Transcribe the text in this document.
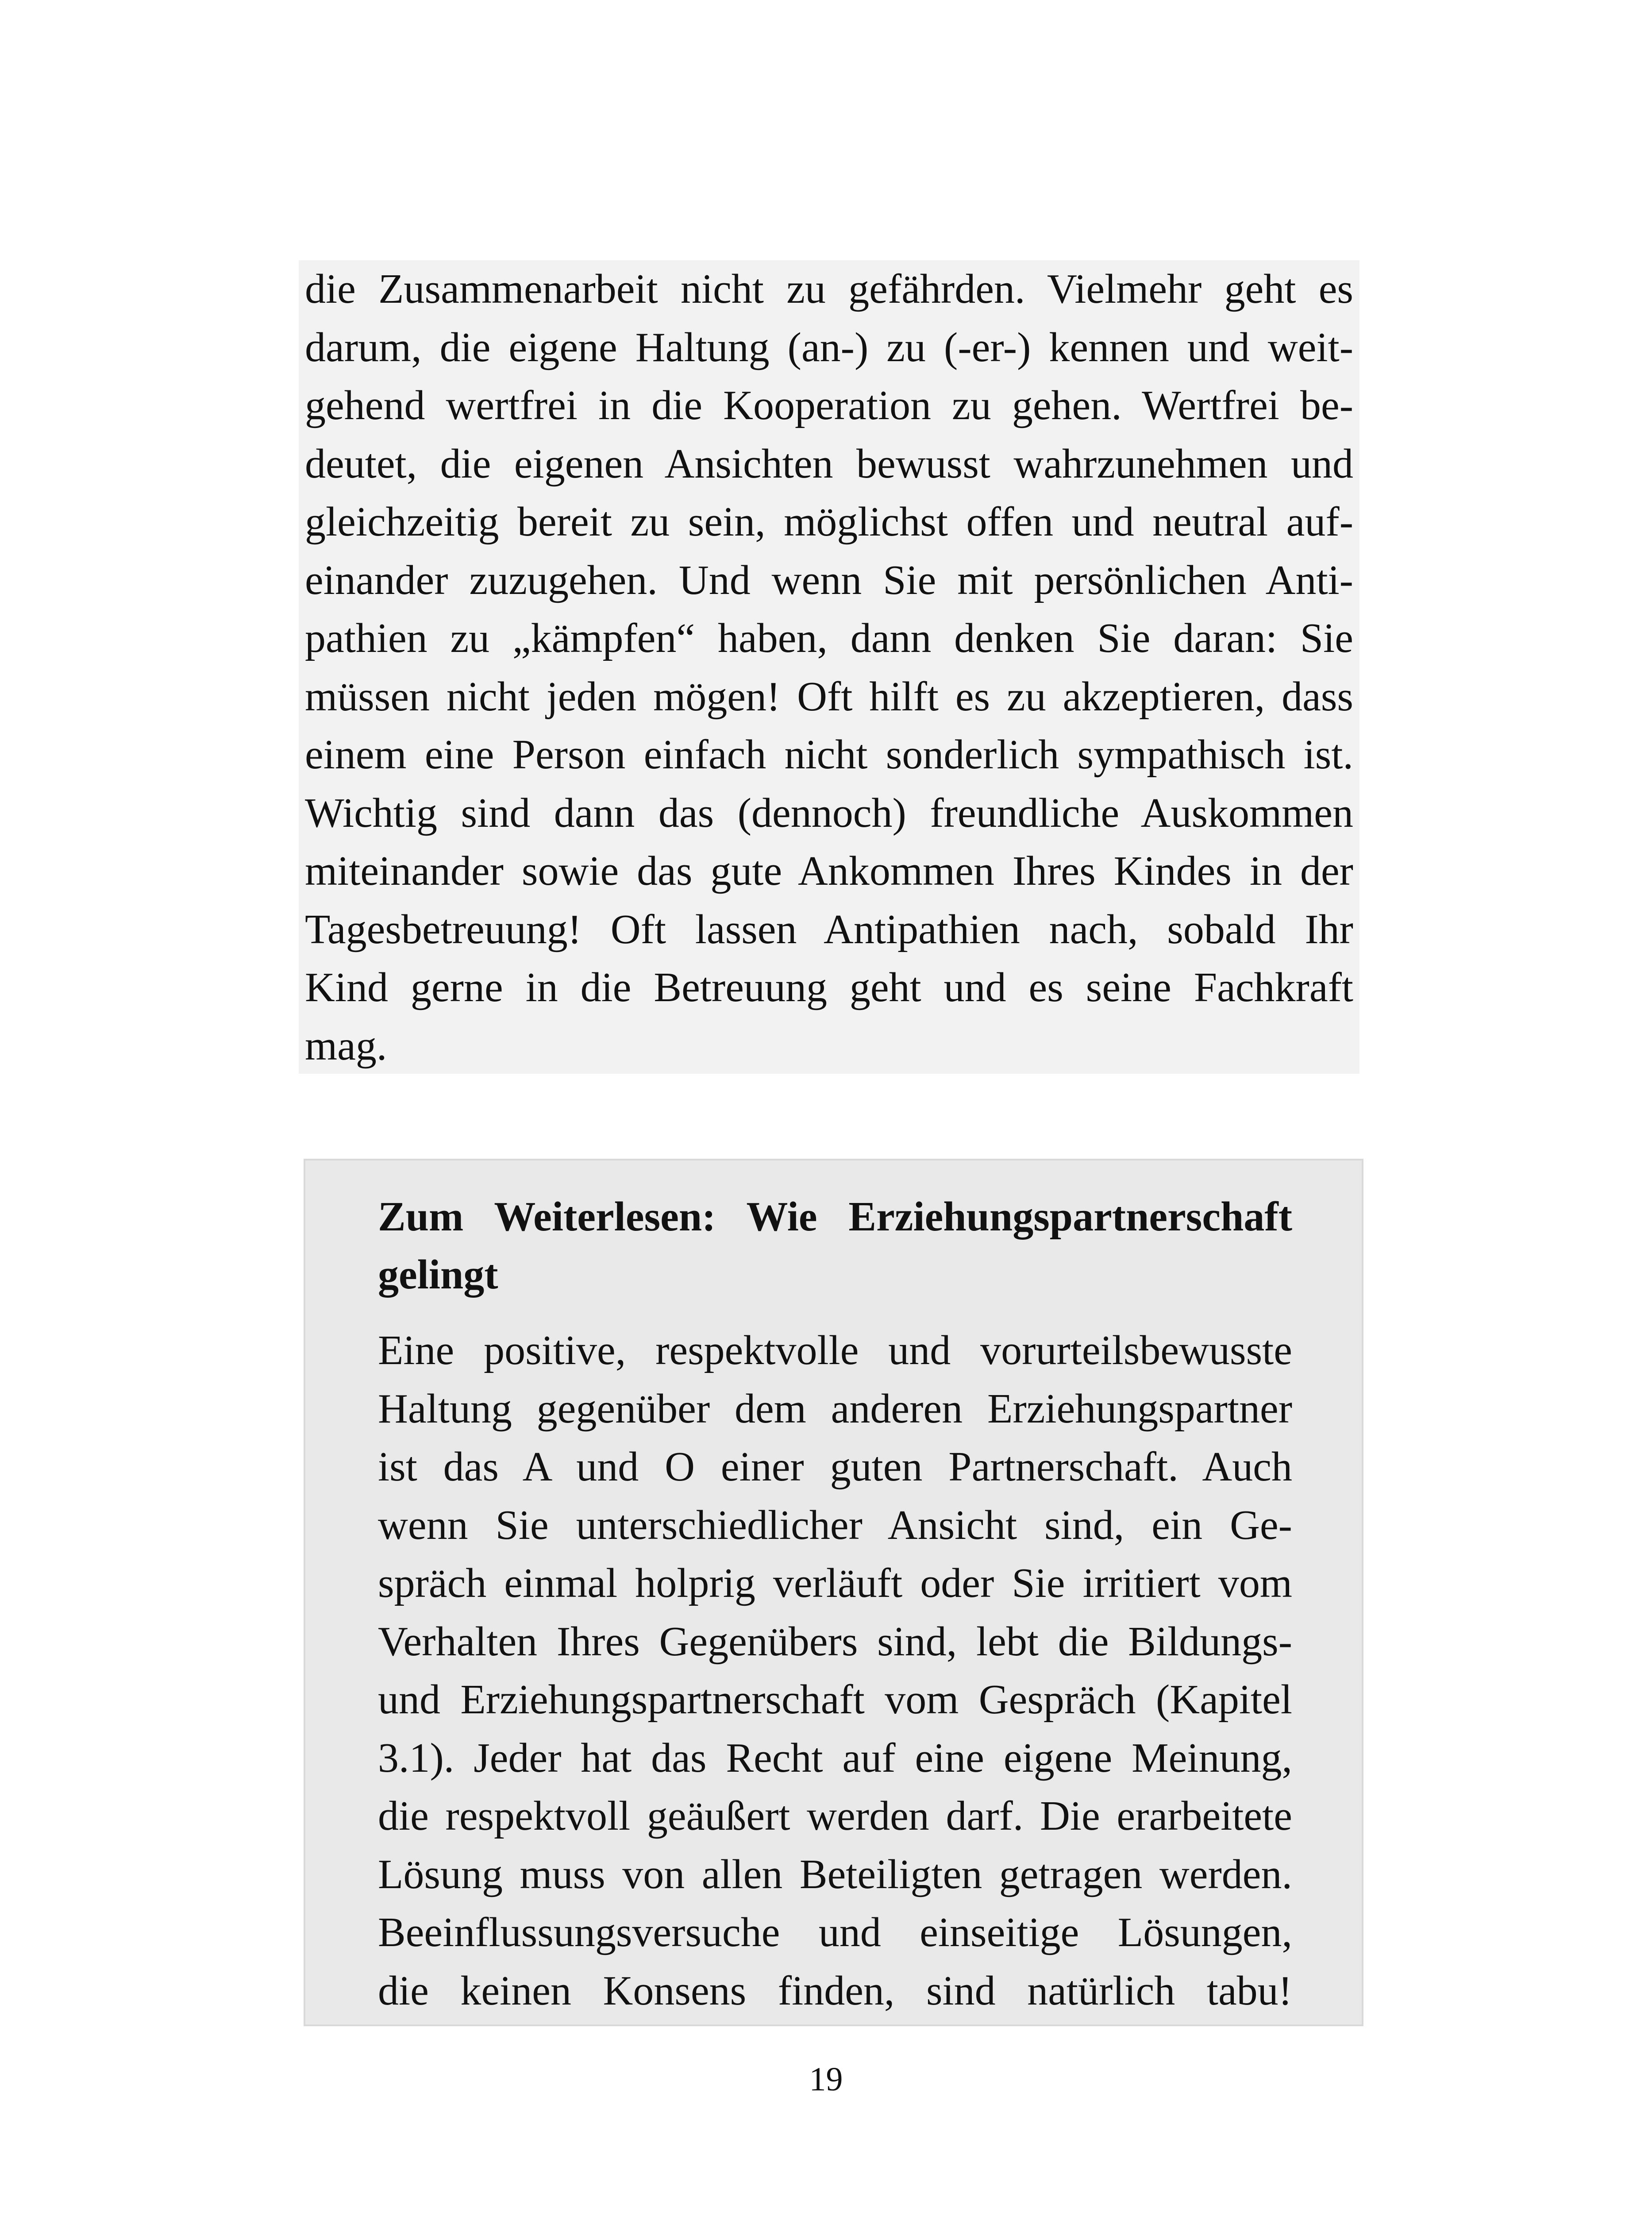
die Zusammenarbeit nicht zu gefährden. Vielmehr geht es
darum, die eigene Haltung (an-) zu (-er-) kennen und weit-
gehend wertfrei in die Kooperation zu gehen. Wertfrei be-
deutet, die eigenen Ansichten bewusst wahrzunehmen und
gleichzeitig bereit zu sein, möglichst offen und neutral auf-
einander zuzugehen. Und wenn Sie mit persönlichen Anti-
pathien zu „kämpfen“ haben, dann denken Sie daran: Sie
müssen nicht jeden mögen! Oft hilft es zu akzeptieren, dass
einem eine Person einfach nicht sonderlich sympathisch ist.
Wichtig sind dann das (dennoch) freundliche Auskommen
miteinander sowie das gute Ankommen Ihres Kindes in der
Tagesbetreuung! Oft lassen Antipathien nach, sobald Ihr
Kind gerne in die Betreuung geht und es seine Fachkraft
mag.
Zum Weiterlesen: Wie Erziehungspartnerschaft
gelingt
Eine positive, respektvolle und vorurteilsbewusste
Haltung gegenüber dem anderen Erziehungspartner
ist das A und O einer guten Partnerschaft. Auch
wenn Sie unterschiedlicher Ansicht sind, ein Ge-
spräch einmal holprig verläuft oder Sie irritiert vom
Verhalten Ihres Gegenübers sind, lebt die Bildungs-
und Erziehungspartnerschaft vom Gespräch (Kapitel
3.1). Jeder hat das Recht auf eine eigene Meinung,
die respektvoll geäußert werden darf. Die erarbeitete
Lösung muss von allen Beteiligten getragen werden.
Beeinflussungsversuche und einseitige Lösungen,
die keinen Konsens finden, sind natürlich tabu!
19
